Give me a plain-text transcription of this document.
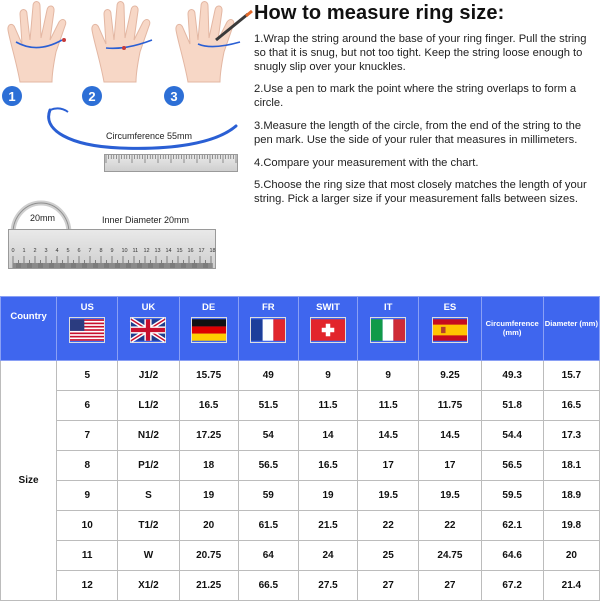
1	2	3
Circumference 55mm
20mm	Inner Diameter 20mm
0 1 2 3 4 5 6 7 8 9 10 11 12 13 14 15 16 17 18
How to measure ring size:

1.Wrap the string around the base of your ring finger. Pull the string so that it is snug, but not too tight. Keep the string loose enough to snugly slip over your knuckles.

2.Use a pen to mark the point where the string overlaps to form a circle.

3.Measure the length of the circle, from the end of the string to the pen mark. Use the side of your ruler that measures in millimeters.

4.Compare your measurement with the chart.

5.Choose the ring size that most closely matches the length of your string. Pick a larger size if your measurement falls between sizes.

Country	US	UK	DE	FR	SWIT	IT	ES	Circumference (mm)	Diameter (mm)
Size	5	J1/2	15.75	49	9	9	9.25	49.3	15.7
	6	L1/2	16.5	51.5	11.5	11.5	11.75	51.8	16.5
	7	N1/2	17.25	54	14	14.5	14.5	54.4	17.3
	8	P1/2	18	56.5	16.5	17	17	56.5	18.1
	9	S	19	59	19	19.5	19.5	59.5	18.9
	10	T1/2	20	61.5	21.5	22	22	62.1	19.8
	11	W	20.75	64	24	25	24.75	64.6	20
	12	X1/2	21.25	66.5	27.5	27	27	67.2	21.4
